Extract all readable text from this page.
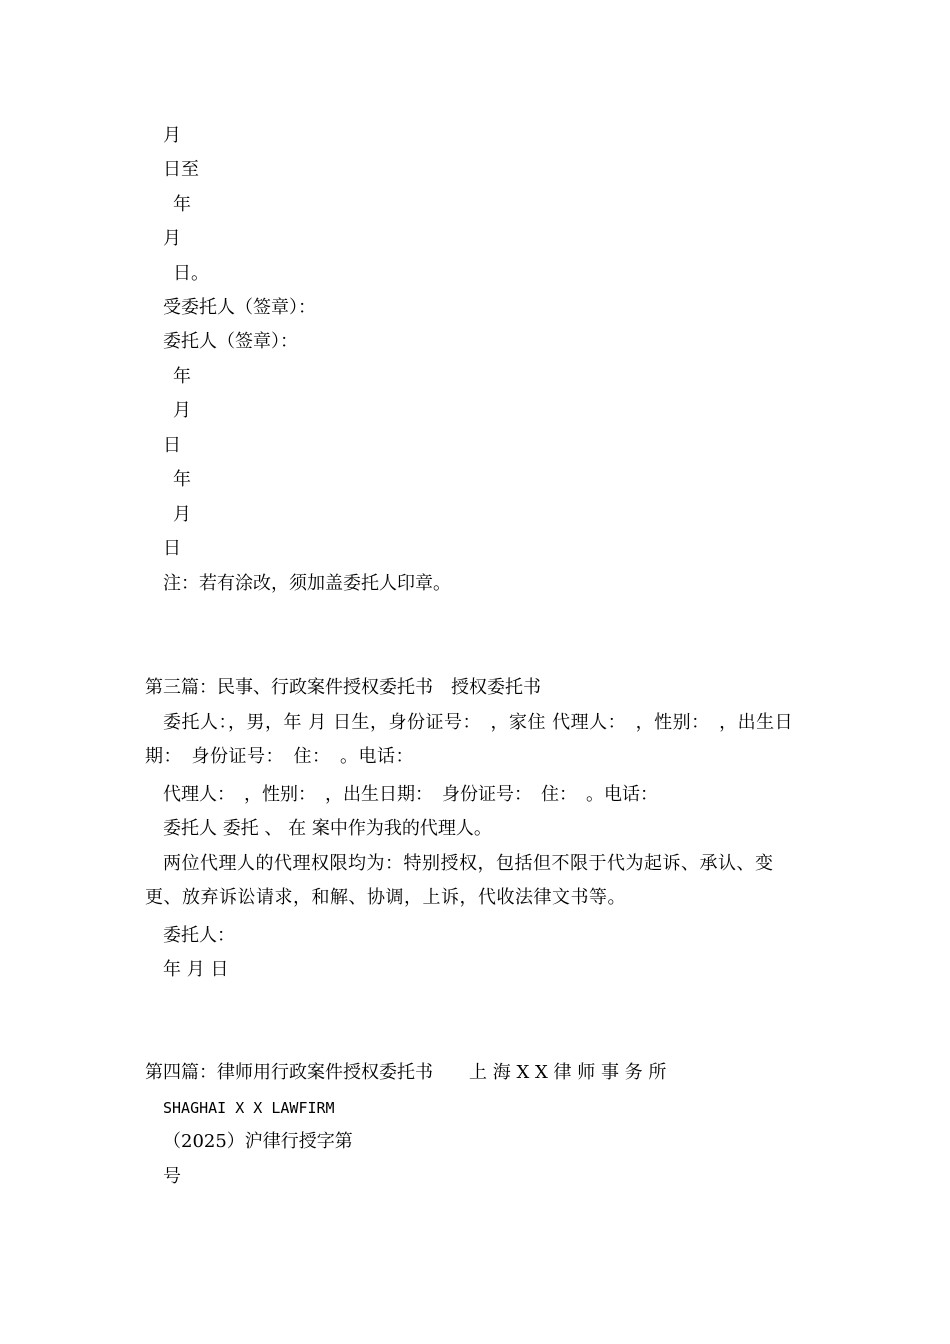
月
日至
年
月
日。
受委托人（签章）：
委托人（签章）：
年
月
日
年
月
日
注：若有涂改，须加盖委托人印章。
第三篇：民事、行政案件授权委托书　授权委托书
委托人：，男，年 月 日生，身份证号：　，家住 代理人：　，性别：　，出生日期：　身份证号：　住：　。电话：
代理人：　，性别：　，出生日期：　身份证号：　住：　。电话：
委托人 委托 、 在 案中作为我的代理人。
两位代理人的代理权限均为：特别授权，包括但不限于代为起诉、承认、变更、放弃诉讼请求，和解、协调，上诉，代收法律文书等。
委托人：
年 月 日
第四篇：律师用行政案件授权委托书　　上 海 X X 律 师 事 务 所
SHAGHAI X X LAWFIRM
（2025）沪律行授字第
号
